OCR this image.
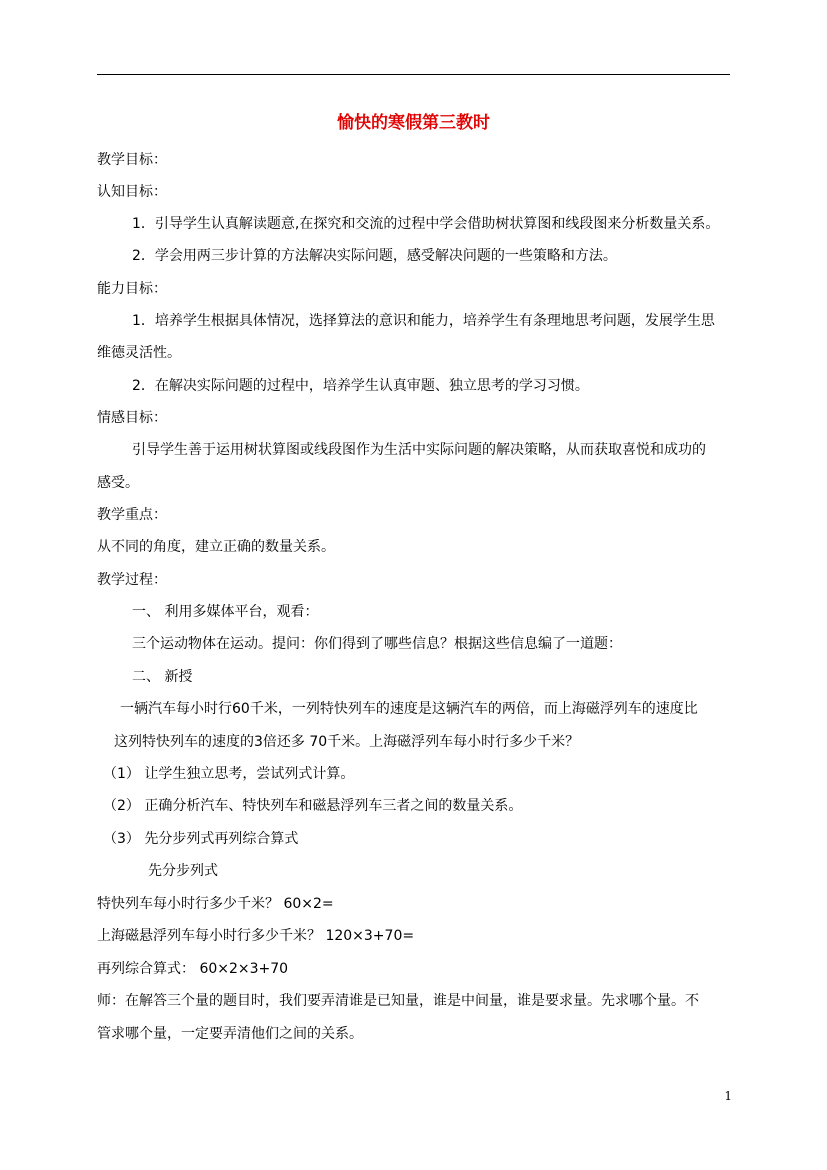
愉快的寒假第三教时
教学目标：
认知目标：
1．引导学生认真解读题意,在探究和交流的过程中学会借助树状算图和线段图来分析数量关系。
2．学会用两三步计算的方法解决实际问题，感受解决问题的一些策略和方法。
能力目标：
1．培养学生根据具体情况，选择算法的意识和能力，培养学生有条理地思考问题，发展学生思
维德灵活性。
2．在解决实际问题的过程中，培养学生认真审题、独立思考的学习习惯。
情感目标：
引导学生善于运用树状算图或线段图作为生活中实际问题的解决策略，从而获取喜悦和成功的
感受。
教学重点：
从不同的角度，建立正确的数量关系。
教学过程：
一、 利用多媒体平台，观看：
三个运动物体在运动。提问：你们得到了哪些信息？根据这些信息编了一道题：
二、 新授
一辆汽车每小时行60千米，一列特快列车的速度是这辆汽车的两倍，而上海磁浮列车的速度比
这列特快列车的速度的3倍还多 70千米。上海磁浮列车每小时行多少千米？
（1） 让学生独立思考，尝试列式计算。
（2） 正确分析汽车、特快列车和磁悬浮列车三者之间的数量关系。
（3） 先分步列式再列综合算式
先分步列式
特快列车每小时行多少千米？ 60×2=
上海磁悬浮列车每小时行多少千米？ 120×3+70=
再列综合算式： 60×2×3+70
师：在解答三个量的题目时，我们要弄清谁是已知量，谁是中间量，谁是要求量。先求哪个量。不
管求哪个量，一定要弄清他们之间的关系。
1
